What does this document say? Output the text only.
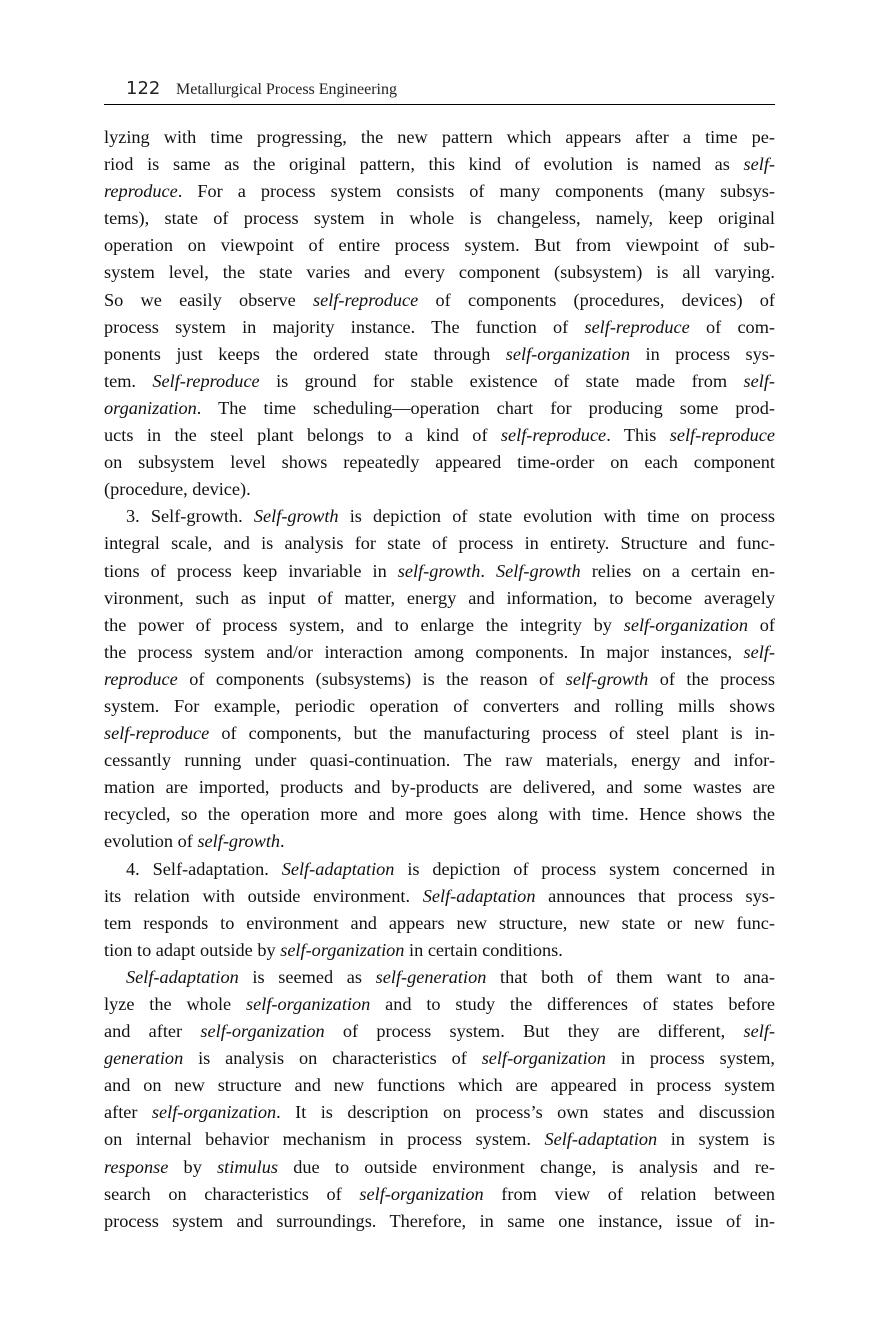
122 Metallurgical Process Engineering
lyzing with time progressing, the new pattern which appears after a time pe-
riod is same as the original pattern, this kind of evolution is named as self-
reproduce. For a process system consists of many components (many subsys-
tems), state of process system in whole is changeless, namely, keep original
operation on viewpoint of entire process system. But from viewpoint of sub-
system level, the state varies and every component (subsystem) is all varying.
So we easily observe self-reproduce of components (procedures, devices) of
process system in majority instance. The function of self-reproduce of com-
ponents just keeps the ordered state through self-organization in process sys-
tem. Self-reproduce is ground for stable existence of state made from self-
organization. The time scheduling—operation chart for producing some prod-
ucts in the steel plant belongs to a kind of self-reproduce. This self-reproduce
on subsystem level shows repeatedly appeared time-order on each component
(procedure, device).
3. Self-growth. Self-growth is depiction of state evolution with time on process
integral scale, and is analysis for state of process in entirety. Structure and func-
tions of process keep invariable in self-growth. Self-growth relies on a certain en-
vironment, such as input of matter, energy and information, to become averagely
the power of process system, and to enlarge the integrity by self-organization of
the process system and/or interaction among components. In major instances, self-
reproduce of components (subsystems) is the reason of self-growth of the process
system. For example, periodic operation of converters and rolling mills shows
self-reproduce of components, but the manufacturing process of steel plant is in-
cessantly running under quasi-continuation. The raw materials, energy and infor-
mation are imported, products and by-products are delivered, and some wastes are
recycled, so the operation more and more goes along with time. Hence shows the
evolution of self-growth.
4. Self-adaptation. Self-adaptation is depiction of process system concerned in
its relation with outside environment. Self-adaptation announces that process sys-
tem responds to environment and appears new structure, new state or new func-
tion to adapt outside by self-organization in certain conditions.
Self-adaptation is seemed as self-generation that both of them want to ana-
lyze the whole self-organization and to study the differences of states before
and after self-organization of process system. But they are different, self-
generation is analysis on characteristics of self-organization in process system,
and on new structure and new functions which are appeared in process system
after self-organization. It is description on process’s own states and discussion
on internal behavior mechanism in process system. Self-adaptation in system is
response by stimulus due to outside environment change, is analysis and re-
search on characteristics of self-organization from view of relation between
process system and surroundings. Therefore, in same one instance, issue of in-
